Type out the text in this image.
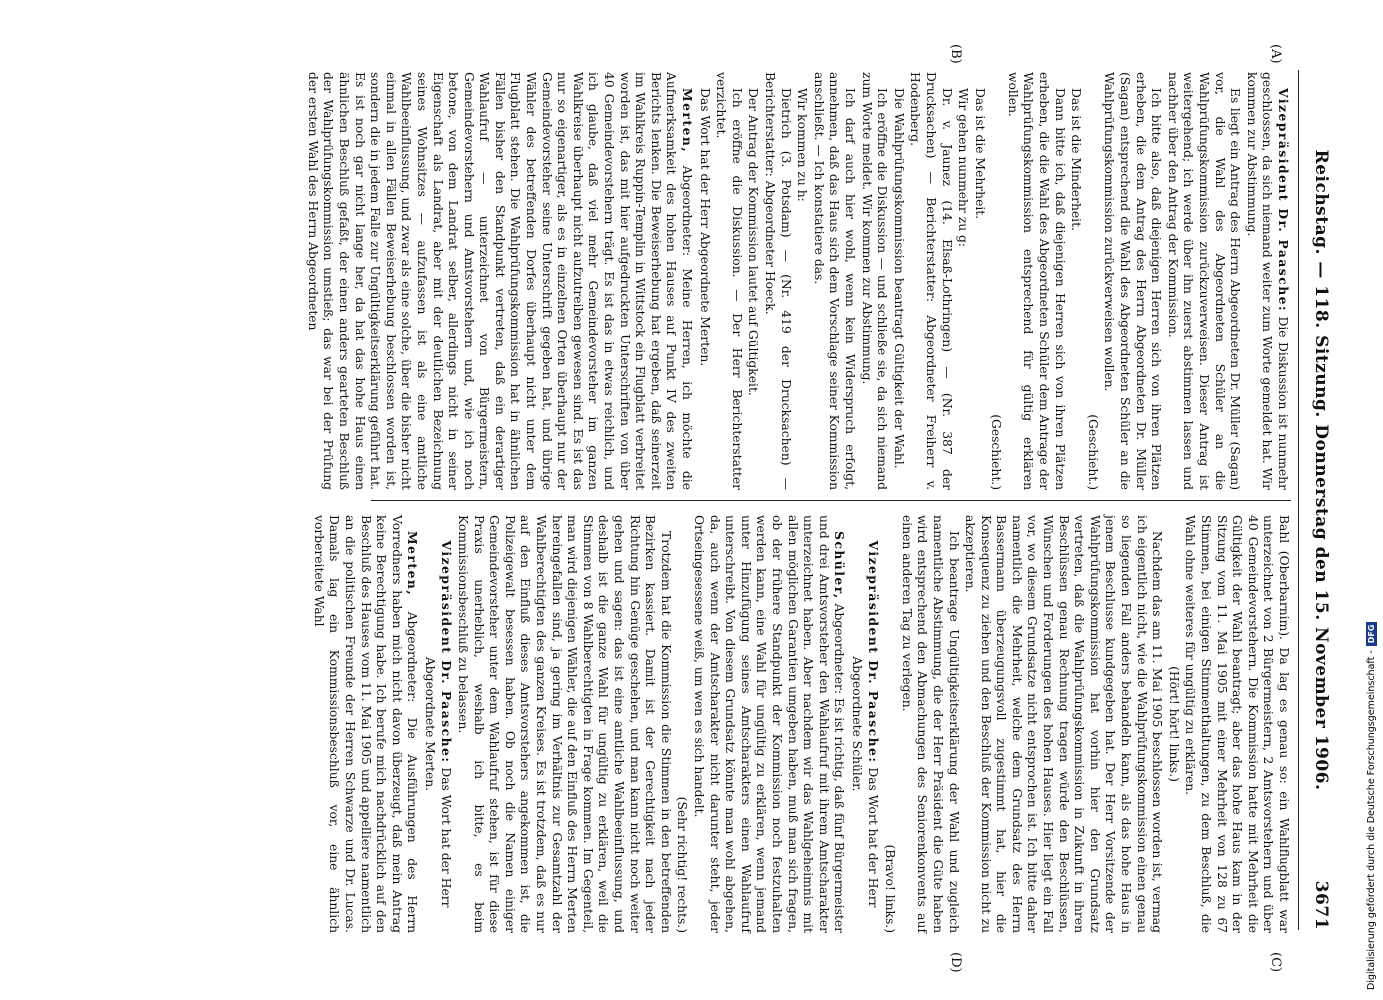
Reichstag. — 118. Sitzung. Donnerstag den 15. November 1906.
3671
(A)
(B)
(C)
(D)

Vizepräsident Dr. Paasche: Die Diskussion ist nunmehr geschlossen, da sich niemand weiter zum Worte gemeldet hat. Wir kommen zur Abstimmung.

Es liegt ein Antrag des Herrn Abgeordneten Dr. Müller (Sagan) vor, die Wahl des Abgeordneten Schüler an die Wahlprüfungskommission zurückzuverweisen. Dieser Antrag ist weitergehend; ich werde über ihn zuerst abstimmen lassen und nachher über den Antrag der Kommission.

Ich bitte also, daß diejenigen Herren sich von ihren Plätzen erheben, die dem Antrag des Herrn Abgeordneten Dr. Müller (Sagan) entsprechend die Wahl des Abgeordneten Schüler an die Wahlprüfungskommission zurückverweisen wollen.

(Geschieht.)

Das ist die Minderheit.

Dann bitte ich, daß diejenigen Herren sich von ihren Plätzen erheben, die die Wahl des Abgeordneten Schüler dem Antrage der Wahlprüfungskommission entsprechend für gültig erklären wollen.

(Geschieht.)

Das ist die Mehrheit.

Wir gehen nunmehr zu g:

Dr. v. Jaunez (14. Elsaß-Lothringen) — (Nr. 387 der Drucksachen) — Berichterstatter: Abgeordneter Freiherr v. Hodenberg.

Die Wahlprüfungskommission beantragt Gültigkeit der Wahl.

Ich eröffne die Diskussion — und schließe sie, da sich niemand zum Worte meldet. Wir kommen zur Abstimmung.

Ich darf auch hier wohl, wenn kein Widerspruch erfolgt, annehmen, daß das Haus sich dem Vorschlage seiner Kommission anschließt. — Ich konstatiere das.

Wir kommen zu h:

Dietrich (3. Potsdam) — (Nr. 419 der Drucksachen) — Berichterstatter: Abgeordneter Hoeck.

Der Antrag der Kommission lautet auf Gültigkeit.

Ich eröffne die Diskussion. — Der Herr Berichterstatter verzichtet.

Das Wort hat der Herr Abgeordnete Merten.

Merten, Abgeordneter: Meine Herren, ich möchte die Aufmerksamkeit des hohen Hauses auf Punkt IV des zweiten Berichts lenken. Die Beweiserhebung hat ergeben, daß seinerzeit im Wahlkreis Ruppin-Templin in Wittstock ein Flugblatt verbreitet worden ist, das mit hier aufgedruckten Unterschriften von über 40 Gemeindevorstehern trägt. Es ist das in etwas reichlich, und ich glaube, daß viel mehr Gemeindevorsteher im ganzen Wahlkreise überhaupt nicht aufzutreiben gewesen sind. Es ist das nur so eigenartiger, als es in einzelnen Orten überhaupt nur der Gemeindevorsteher seine Unterschrift gegeben hat, und übrige Wähler des betreffenden Dorfes überhaupt nicht unter dem Flugblatt stehen. Die Wahlprüfungskommission hat in ähnlichen Fällen bisher den Standpunkt vertreten, daß ein derartiger Wahlaufruf — unterzeichnet von Bürgermeistern, Gemeindevorstehern und Amtsvorstehern und, wie ich noch betone, von dem Landrat selber, allerdings nicht in seiner Eigenschaft als Landrat, aber mit der deutlichen Bezeichnung seines Wohnsitzes — aufzufassen ist als eine amtliche Wahlbeeinflussung, und zwar als eine solche, über die bisher nicht einmal in allen Fällen Beweiserhebung beschlossen worden ist, sondern die in jedem Falle zur Ungültigkeitserklärung geführt hat. Es ist noch gar nicht lange her, da hat das hohe Haus einen ähnlichen Beschluß gefaßt, der einen anders gearteten Beschluß der Wahlprüfungskommission umstieß; das war bei der Prüfung der ersten Wahl des Herrn Abgeordneten

Bahl (Oberbarnim). Da lag es genau so: ein Wahlflugblatt war unterzeichnet von 2 Bürgermeistern, 2 Amtsvorstehern und über 40 Gemeindevorstehern. Die Kommission hatte mit Mehrheit die Gültigkeit der Wahl beantragt; aber das hohe Haus kam in der Sitzung vom 11. Mai 1905 mit einer Mehrheit von 128 zu 67 Stimmen, bei einigen Stimmenthaltungen, zu dem Beschluß, die Wahl ohne weiteres für ungültig zu erklären.

(Hört! hört! links.)

Nachdem das am 11. Mai 1905 beschlossen worden ist, vermag ich eigentlich nicht, wie die Wahlprüfungskommission einen genau so liegenden Fall anders behandeln kann, als das hohe Haus in jenem Beschlusse kundgegeben hat. Der Herr Vorsitzende der Wahlprüfungskommission hat vorhin hier den Grundsatz vertreten, daß die Wahlprüfungskommission in Zukunft in ihren Beschlüssen genau Rechnung tragen würde den Beschlüssen, Wünschen und Forderungen des hohen Hauses. Hier liegt ein Fall vor, wo diesem Grundsatze nicht entsprochen ist. Ich bitte daher namentlich die Mehrheit, welche dem Grundsatz des Herrn Bassermann überzeugungsvoll zugestimmt hat, hier die Konsequenz zu ziehen und den Beschluß der Kommission nicht zu akzeptieren.

Ich beantrage Ungültigkeitserklärung der Wahl und zugleich namentliche Abstimmung, die der Herr Präsident die Güte haben wird entsprechend den Abmachungen des Seniorenkonvents auf einen anderen Tag zu verlegen.

(Bravo! links.)

Vizepräsident Dr. Paasche: Das Wort hat der Herr Abgeordnete Schüler.

Schüler, Abgeordneter: Es ist richtig, daß fünf Bürgermeister und drei Amtsvorsteher den Wahlaufruf mit ihrem Amtscharakter unterzeichnet haben. Aber nachdem wir das Wahlgeheimnis mit allen möglichen Garantien umgeben haben, muß man sich fragen, ob der frühere Standpunkt der Kommission noch festzuhalten werden kann, eine Wahl für ungültig zu erklären, wenn jemand unter Hinzufügung seines Amtscharakters einen Wahlaufruf unterschreibt. Von diesem Grundsatz könnte man wohl abgehen, da, auch wenn der Amtscharakter nicht darunter steht, jeder Ortseingesessene weiß, um wen es sich handelt.

(Sehr richtig! rechts.)

Trotzdem hat die Kommission die Stimmen in den betreffenden Bezirken kassiert. Damit ist der Gerechtigkeit nach jeder Richtung hin Genüge geschehen, und man kann nicht noch weiter gehen und sagen: das ist eine amtliche Wahlbeeinflussung, und deshalb ist die ganze Wahl für ungültig zu erklären, weil die Stimmen von 8 Wahlberechtigten in Frage kommen. Im Gegenteil, man wird diejenigen Wähler, die auf den Einfluß des Herrn Merten hereingefallen sind, ja gering im Verhältnis zur Gesamtzahl der Wahlberechtigten des ganzen Kreises. Es ist trotzdem, daß es nur auf den Einfluß dieses Amtsvorstehers angekommen ist, die Polizeigewalt besessen haben. Ob noch die Namen einiger Gemeindevorsteher unter dem Wahlaufruf stehen, ist für diese Praxis unerheblich, weshalb ich bitte, es beim Kommissionsbeschluß zu belassen.

Vizepräsident Dr. Paasche: Das Wort hat der Herr Abgeordnete Merten.

Merten, Abgeordneter: Die Ausführungen des Herrn Vorredners haben mich nicht davon überzeugt, daß mein Antrag keine Berechtigung habe. Ich berufe mich nachdrücklich auf den Beschluß des Hauses vom 11. Mai 1905 und appelliere namentlich an die politischen Freunde der Herren Schwarze und Dr. Lucas. Damals lag ein Kommissionsbeschluß vor, eine ähnlich vorbereitete Wahl

Digitalisierung gefördert durch die Deutsche Forschungsgemeinschaft -DFG
